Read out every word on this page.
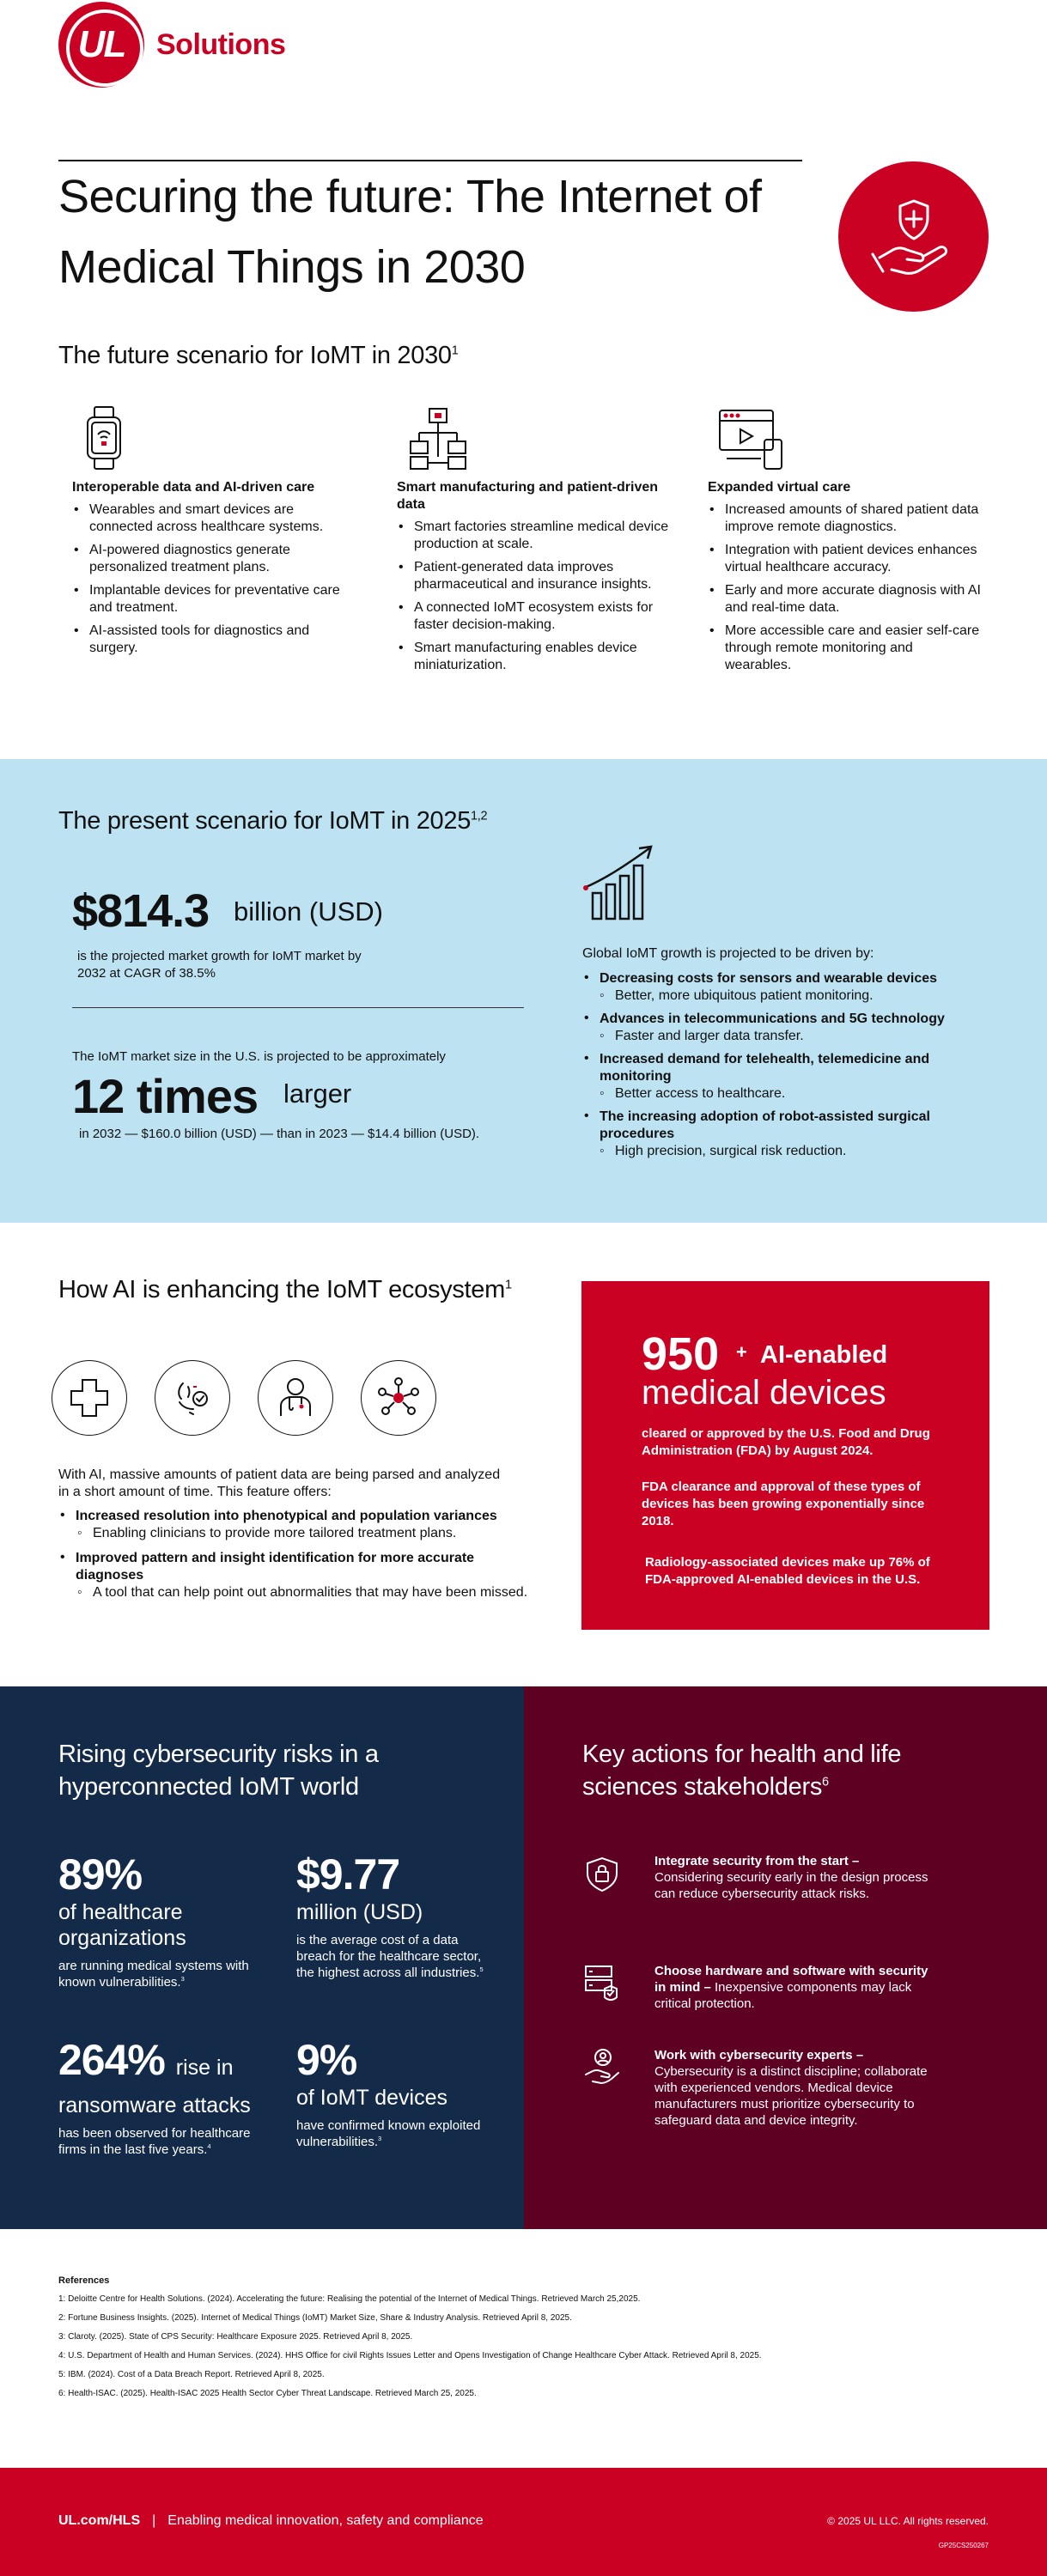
UL	Solutions
Securing the future: The Internet of Medical Things in 2030
The future scenario for IoMT in 2030$^1$
Interoperable data and AI-driven care
• Wearables and smart devices are connected across healthcare systems.
• AI-powered diagnostics generate personalized treatment plans.
• Implantable devices for preventative care and treatment.
• AI-assisted tools for diagnostics and surgery.
Smart manufacturing and patient-driven data
• Smart factories streamline medical device production at scale.
• Patient-generated data improves pharmaceutical and insurance insights.
• A connected IoMT ecosystem exists for faster decision-making.
• Smart manufacturing enables device miniaturization.
Expanded virtual care
• Increased amounts of shared patient data improve remote diagnostics.
• Integration with patient devices enhances virtual healthcare accuracy.
• Early and more accurate diagnosis with AI and real-time data.
• More accessible care and easier self-care through remote monitoring and wearables.
The present scenario for IoMT in 2025$^{1,2}$
$814.3 billion (USD)
is the projected market growth for IoMT market by 2032 at CAGR of 38.5%
The IoMT market size in the U.S. is projected to be approximately
12 times larger
in 2032 — $160.0 billion (USD) — than in 2023 — $14.4 billion (USD).
Global IoMT growth is projected to be driven by:
• Decreasing costs for sensors and wearable devices
◦ Better, more ubiquitous patient monitoring.
• Advances in telecommunications and 5G technology
◦ Faster and larger data transfer.
• Increased demand for telehealth, telemedicine and monitoring
◦ Better access to healthcare.
• The increasing adoption of robot-assisted surgical procedures
◦ High precision, surgical risk reduction.
How AI is enhancing the IoMT ecosystem$^1$
With AI, massive amounts of patient data are being parsed and analyzed in a short amount of time. This feature offers:
• Increased resolution into phenotypical and population variances
◦ Enabling clinicians to provide more tailored treatment plans.
• Improved pattern and insight identification for more accurate diagnoses
◦ A tool that can help point out abnormalities that may have been missed.
950 + AI-enabled
medical devices
cleared or approved by the U.S. Food and Drug Administration (FDA) by August 2024.
FDA clearance and approval of these types of devices has been growing exponentially since 2018.
Radiology-associated devices make up 76% of FDA-approved AI-enabled devices in the U.S.
Rising cybersecurity risks in a hyperconnected IoMT world
89%
of healthcare organizations
are running medical systems with known vulnerabilities.$^3$
$9.77
million (USD)
is the average cost of a data breach for the healthcare sector, the highest across all industries.$^5$
264% rise in
ransomware attacks
has been observed for healthcare firms in the last five years.$^4$
9%
of IoMT devices
have confirmed known exploited vulnerabilities.$^3$
Key actions for health and life sciences stakeholders$^6$
Integrate security from the start –
Considering security early in the design process can reduce cybersecurity attack risks.
Choose hardware and software with security in mind – Inexpensive components may lack critical protection.
Work with cybersecurity experts –
Cybersecurity is a distinct discipline; collaborate with experienced vendors. Medical device manufacturers must prioritize cybersecurity to safeguard data and device integrity.
References

1: Deloitte Centre for Health Solutions. (2024). Accelerating the future: Realising the potential of the Internet of Medical Things. Retrieved March 25,2025.

2: Fortune Business Insights. (2025). Internet of Medical Things (IoMT) Market Size, Share & Industry Analysis. Retrieved April 8, 2025.

3: Claroty. (2025). State of CPS Security: Healthcare Exposure 2025. Retrieved April 8, 2025.

4: U.S. Department of Health and Human Services. (2024). HHS Office for civil Rights Issues Letter and Opens Investigation of Change Healthcare Cyber Attack. Retrieved April 8, 2025.

5: IBM. (2024). Cost of a Data Breach Report. Retrieved April 8, 2025.

6: Health-ISAC. (2025). Health-ISAC 2025 Health Sector Cyber Threat Landscape. Retrieved March 25, 2025.

UL.com/HLS | Enabling medical innovation, safety and compliance	© 2025 UL LLC. All rights reserved.
GP25CS250267
